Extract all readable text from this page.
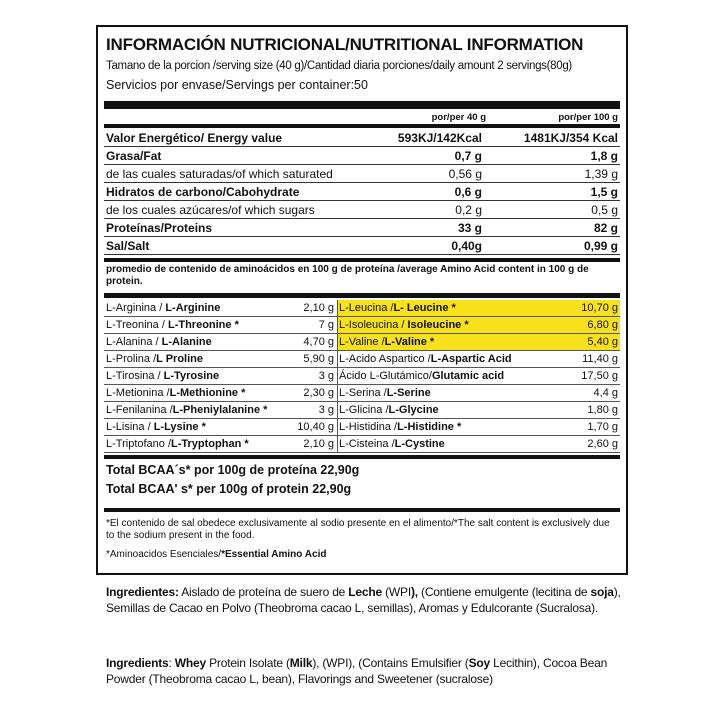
INFORMACIÓN NUTRICIONAL/NUTRITIONAL INFORMATION
Tamano de la porcion /serving size (40 g)/Cantidad diaria porciones/daily amount 2 servings(80g)
Servicios por envase/Servings per container:50
por/per 40 g	por/per 100 g
Valor Energético/ Energy value	593KJ/142Kcal	1481KJ/354 Kcal
Grasa/Fat	0,7 g	1,8 g
de las cuales saturadas/of which saturated	0,56 g	1,39 g
Hidratos de carbono/Cabohydrate	0,6 g	1,5 g
de los cuales azúcares/of which sugars	0,2 g	0,5 g
Proteínas/Proteins	33 g	82 g
Sal/Salt	0,40g	0,99 g
promedio de contenido de aminoácidos en 100 g de proteína /average Amino Acid content in 100 g de protein.
L-Arginina / L-Arginine	2,10 g L-Leucina /L- Leucine *	10,70 g
L-Treonina / L-Threonine *	7 g L-Isoleucina / Isoleucine *	6,80 g
L-Alanina / L-Alanine	4,70 g L-Valine /L-Valine *	5,40 g
L-Prolina /L Proline	5,90 g L-Acido Aspartico /L-Aspartic Acid	11,40 g
L-Tirosina / L-Tyrosine	3 g Ácido L-Glutámico/Glutamic acid	17,50 g
L-Metionina /L-Methionine *	2,30 g L-Serina /L-Serine	4,4 g
L-Fenilanina /L-Pheniylalanine *	3 g L-Glicina /L-Glycine	1,80 g
L-Lisina / L-Lysine *	10,40 g L-Histidina /L-Histidine *	1,70 g
L-Triptofano /L-Tryptophan *	2,10 g L-Cisteina /L-Cystine	2,60 g
Total BCAA´s* por 100g de proteína 22,90g
Total BCAA' s* per 100g of protein 22,90g
*El contenido de sal obedece exclusivamente al sodio presente en el alimento/*The salt content is exclusively due to the sodium present in the food.
*Aminoacidos Esenciales/*Essential Amino Acid
Ingredientes: Aislado de proteína de suero de Leche (WPI), (Contiene emulgente (lecitina de soja), Semillas de Cacao en Polvo (Theobroma cacao L, semillas), Aromas y Edulcorante (Sucralosa).
Ingredients: Whey Protein Isolate (Milk), (WPI), (Contains Emulsifier (Soy Lecithin), Cocoa Bean Powder (Theobroma cacao L, bean), Flavorings and Sweetener (sucralose)
